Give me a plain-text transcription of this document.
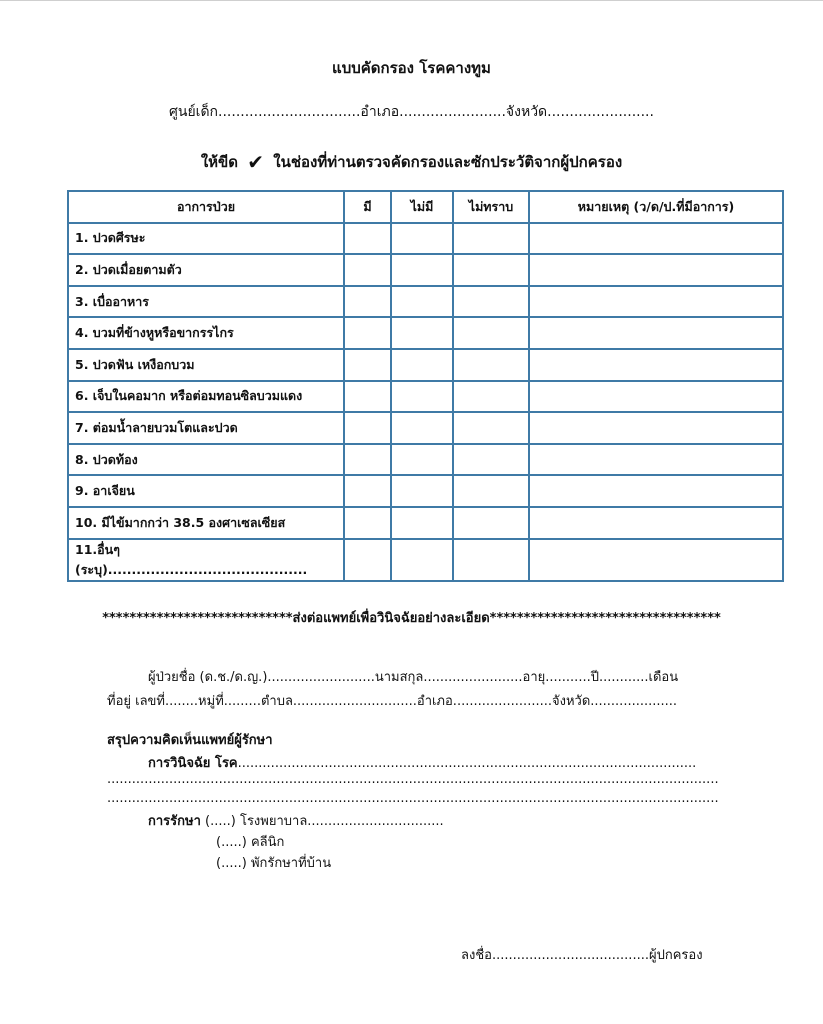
แบบคัดกรอง โรคคางทูม
ศูนย์เด็ก................................อำเภอ........................จังหวัด........................
ให้ขีด ✔ ในช่องที่ท่านตรวจคัดกรองและซักประวัติจากผู้ปกครอง
อาการป่วย	มี	ไม่มี	ไม่ทราบ	หมายเหตุ (ว/ด/ป.ที่มีอาการ)
1. ปวดศีรษะ				
2. ปวดเมื่อยตามตัว				
3. เบื่ออาหาร				
4. บวมที่ข้างหูหรือขากรรไกร				
5. ปวดฟัน เหงือกบวม				
6. เจ็บในคอมาก หรือต่อมทอนซิลบวมแดง				
7. ต่อมน้ำลายบวมโตและปวด				
8. ปวดท้อง				
9. อาเจียน				
10. มีไข้มากกว่า 38.5 องศาเซลเซียส				
11.อื่นๆ (ระบุ)..........................................				
****************************ส่งต่อแพทย์เพื่อวินิจฉัยอย่างละเอียด**********************************
ผู้ป่วยชื่อ (ด.ช./ด.ญ.)..........................นามสกุล........................อายุ...........ปี............เดือน
ที่อยู่ เลขที่........หมู่ที่.........ตำบล..............................อำเภอ........................จังหวัด.....................
สรุปความคิดเห็นแพทย์ผู้รักษา
การวินิจฉัย โรค...............................................................................................................
....................................................................................................................................................
....................................................................................................................................................
การรักษา (.....) โรงพยาบาล.................................
(.....) คลีนิก
(.....) พักรักษาที่บ้าน
ลงชื่อ......................................ผู้ปกครอง
